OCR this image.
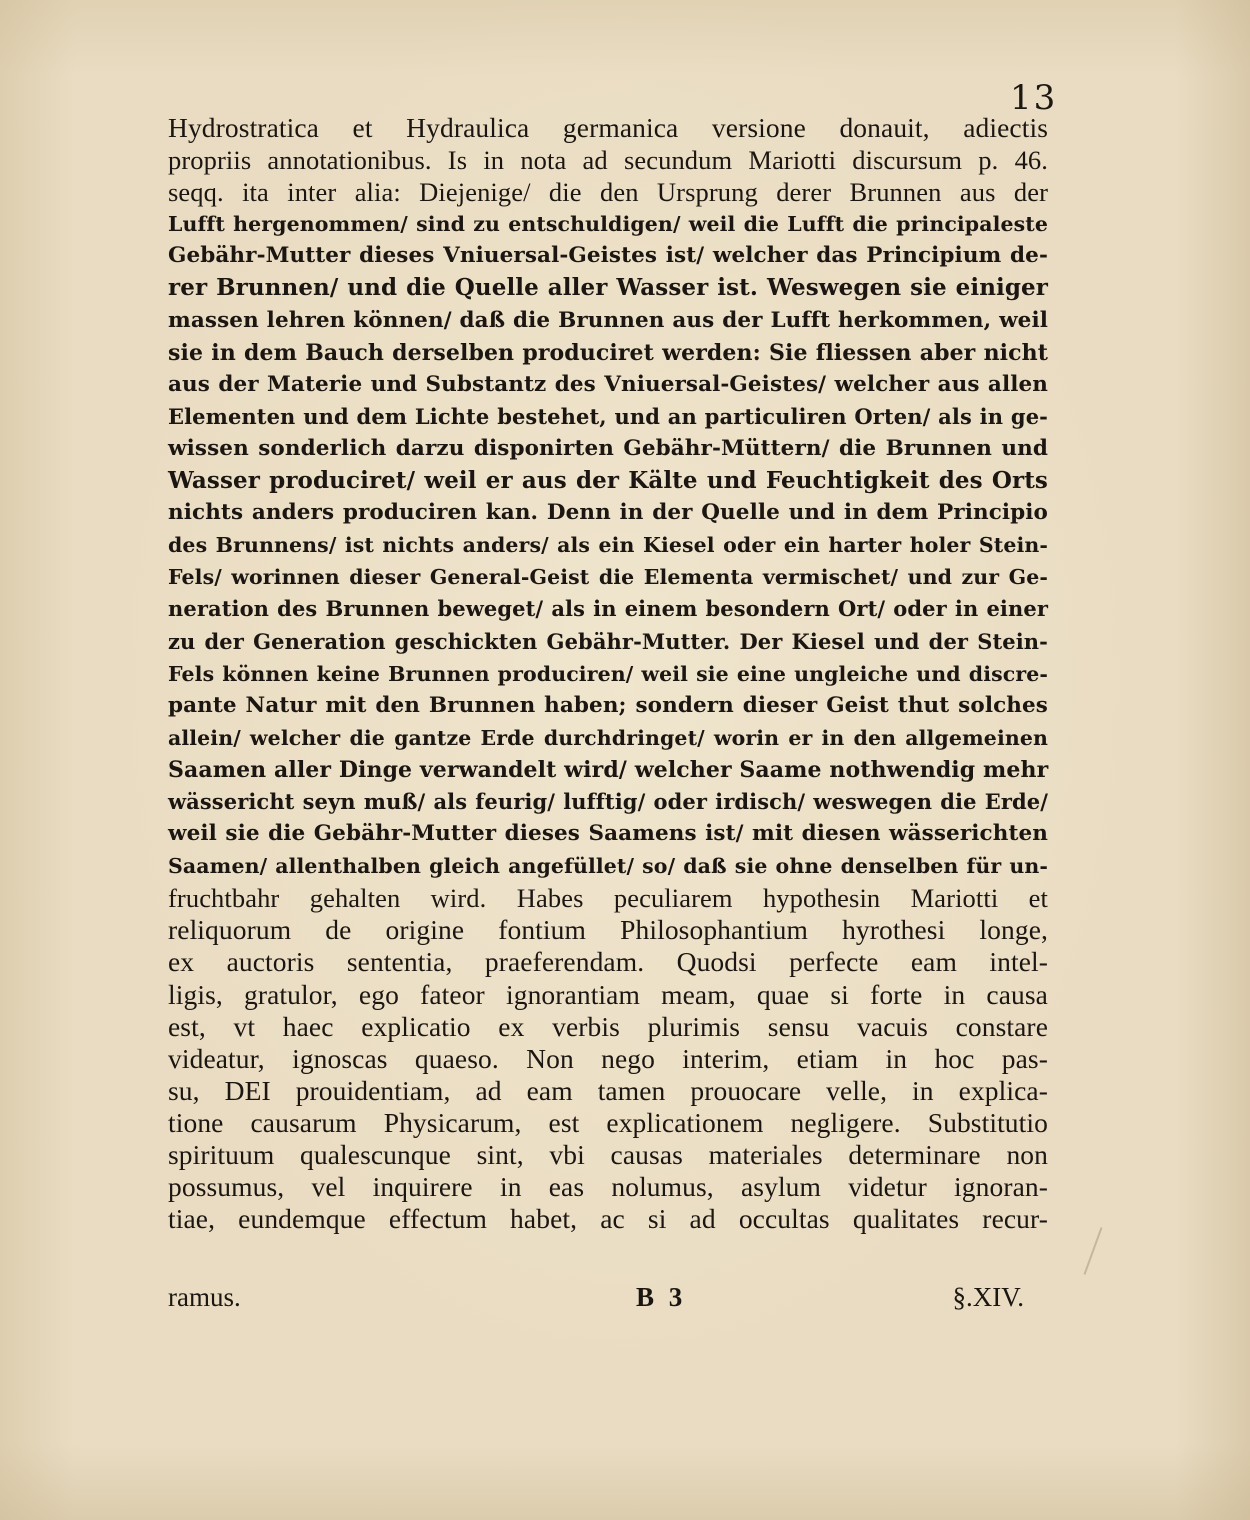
13
Hydrostratica et Hydraulica germanica versione donauit, adiectis
propriis annotationibus. Is in nota ad secundum Mariotti discursum p. 46.
seqq. ita inter alia: Diejenige/ die den Ursprung derer Brunnen aus der
Lufft hergenommen/ sind zu entschuldigen/ weil die Lufft die principaleste
Gebähr-Mutter dieses Vniuersal-Geistes ist/ welcher das Principium de-
rer Brunnen/ und die Quelle aller Wasser ist. Weswegen sie einiger
massen lehren können/ daß die Brunnen aus der Lufft herkommen, weil
sie in dem Bauch derselben produciret werden: Sie fliessen aber nicht
aus der Materie und Substantz des Vniuersal-Geistes/ welcher aus allen
Elementen und dem Lichte bestehet, und an particuliren Orten/ als in ge-
wissen sonderlich darzu disponirten Gebähr-Müttern/ die Brunnen und
Wasser produciret/ weil er aus der Kälte und Feuchtigkeit des Orts
nichts anders produciren kan. Denn in der Quelle und in dem Principio
des Brunnens/ ist nichts anders/ als ein Kiesel oder ein harter holer Stein-
Fels/ worinnen dieser General-Geist die Elementa vermischet/ und zur Ge-
neration des Brunnen beweget/ als in einem besondern Ort/ oder in einer
zu der Generation geschickten Gebähr-Mutter. Der Kiesel und der Stein-
Fels können keine Brunnen produciren/ weil sie eine ungleiche und discre-
pante Natur mit den Brunnen haben; sondern dieser Geist thut solches
allein/ welcher die gantze Erde durchdringet/ worin er in den allgemeinen
Saamen aller Dinge verwandelt wird/ welcher Saame nothwendig mehr
wässericht seyn muß/ als feurig/ lufftig/ oder irdisch/ weswegen die Erde/
weil sie die Gebähr-Mutter dieses Saamens ist/ mit diesen wässerichten
Saamen/ allenthalben gleich angefüllet/ so/ daß sie ohne denselben für un-
fruchtbahr gehalten wird. Habes peculiarem hypothesin Mariotti et
reliquorum de origine fontium Philosophantium hyrothesi longe,
ex auctoris sententia, praeferendam. Quodsi perfecte eam intel-
ligis, gratulor, ego fateor ignorantiam meam, quae si forte in causa
est, vt haec explicatio ex verbis plurimis sensu vacuis constare
videatur, ignoscas quaeso. Non nego interim, etiam in hoc pas-
su, DEI prouidentiam, ad eam tamen prouocare velle, in explica-
tione causarum Physicarum, est explicationem negligere. Substitutio
spirituum qualescunque sint, vbi causas materiales determinare non
possumus, vel inquirere in eas nolumus, asylum videtur ignoran-
tiae, eundemque effectum habet, ac si ad occultas qualitates recur-
ramus.	B 3	§.XIV.
